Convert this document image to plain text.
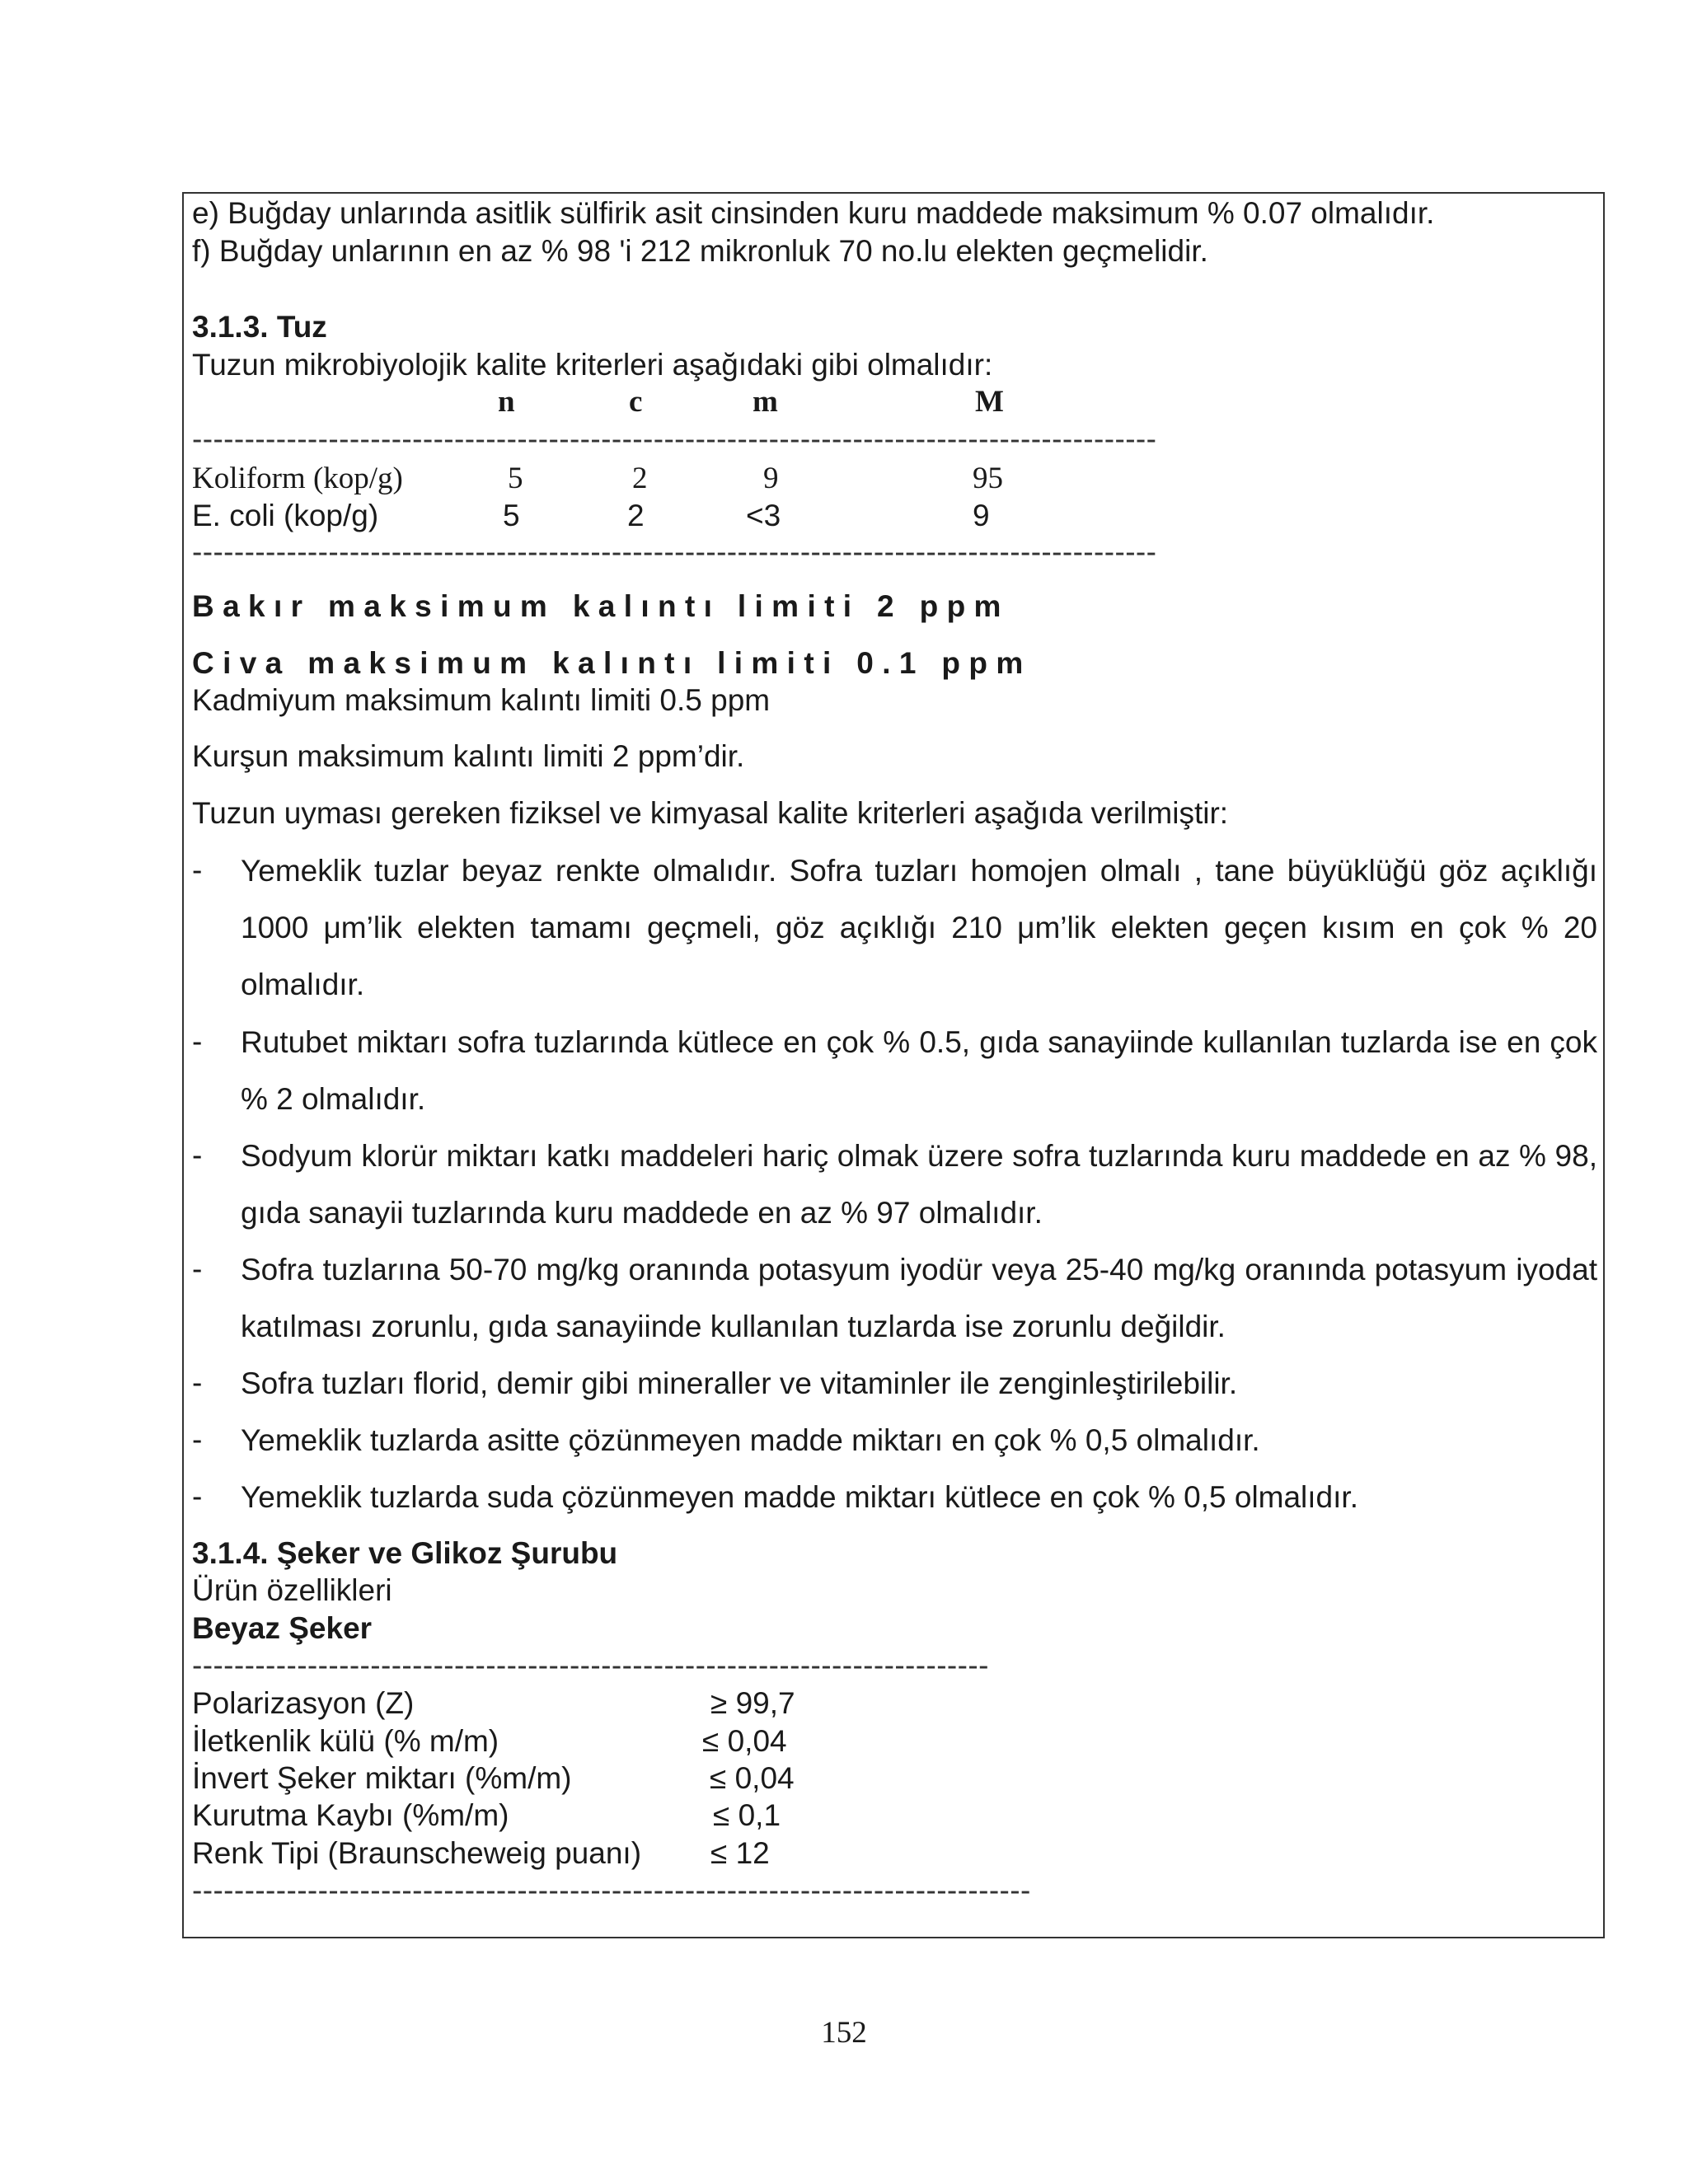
e) Buğday unlarında asitlik sülfirik asit cinsinden kuru maddede maksimum % 0.07 olmalıdır.
f) Buğday unlarının en az % 98 'i 212 mikronluk 70 no.lu elekten geçmelidir.
3.1.3. Tuz
Tuzun mikrobiyolojik kalite kriterleri aşağıdaki gibi olmalıdır:
n	c	m	M
--------------------------------------------------------------------------------------------
Koliform (kop/g)	5	2	9	95
E. coli (kop/g)	5	2	<3	9
--------------------------------------------------------------------------------------------
Bakır maksimum kalıntı limiti 2 ppm
Civa maksimum kalıntı limiti 0.1 ppm
Kadmiyum maksimum kalıntı limiti 0.5 ppm
Kurşun maksimum kalıntı limiti 2 ppm’dir.
Tuzun uyması gereken fiziksel ve kimyasal kalite kriterleri aşağıda verilmiştir:
- Yemeklik tuzlar beyaz renkte olmalıdır. Sofra tuzları homojen olmalı , tane büyüklüğü göz açıklığı 1000 μm’lik elekten tamamı geçmeli, göz açıklığı 210 μm’lik elekten geçen kısım en çok % 20 olmalıdır.
- Rutubet miktarı sofra tuzlarında kütlece en çok % 0.5, gıda sanayiinde kullanılan tuzlarda ise en çok % 2 olmalıdır.
- Sodyum klorür miktarı katkı maddeleri hariç olmak üzere sofra tuzlarında kuru maddede en az % 98, gıda sanayii tuzlarında kuru maddede en az % 97 olmalıdır.
- Sofra tuzlarına 50-70 mg/kg oranında potasyum iyodür veya 25-40 mg/kg oranında potasyum iyodat katılması zorunlu, gıda sanayiinde kullanılan tuzlarda ise zorunlu değildir.
- Sofra tuzları florid, demir gibi mineraller ve vitaminler ile zenginleştirilebilir.
- Yemeklik tuzlarda asitte çözünmeyen madde miktarı en çok % 0,5 olmalıdır.
- Yemeklik tuzlarda suda çözünmeyen madde miktarı kütlece en çok % 0,5 olmalıdır.
3.1.4. Şeker ve Glikoz Şurubu
Ürün özellikleri
Beyaz Şeker
----------------------------------------------------------------------------
Polarizasyon (Z)	≥ 99,7
İletkenlik külü (% m/m)	≤ 0,04
İnvert Şeker miktarı (%m/m)	≤ 0,04
Kurutma Kaybı (%m/m)	≤ 0,1
Renk Tipi (Braunscheweig puanı) ≤ 12
--------------------------------------------------------------------------------
152
